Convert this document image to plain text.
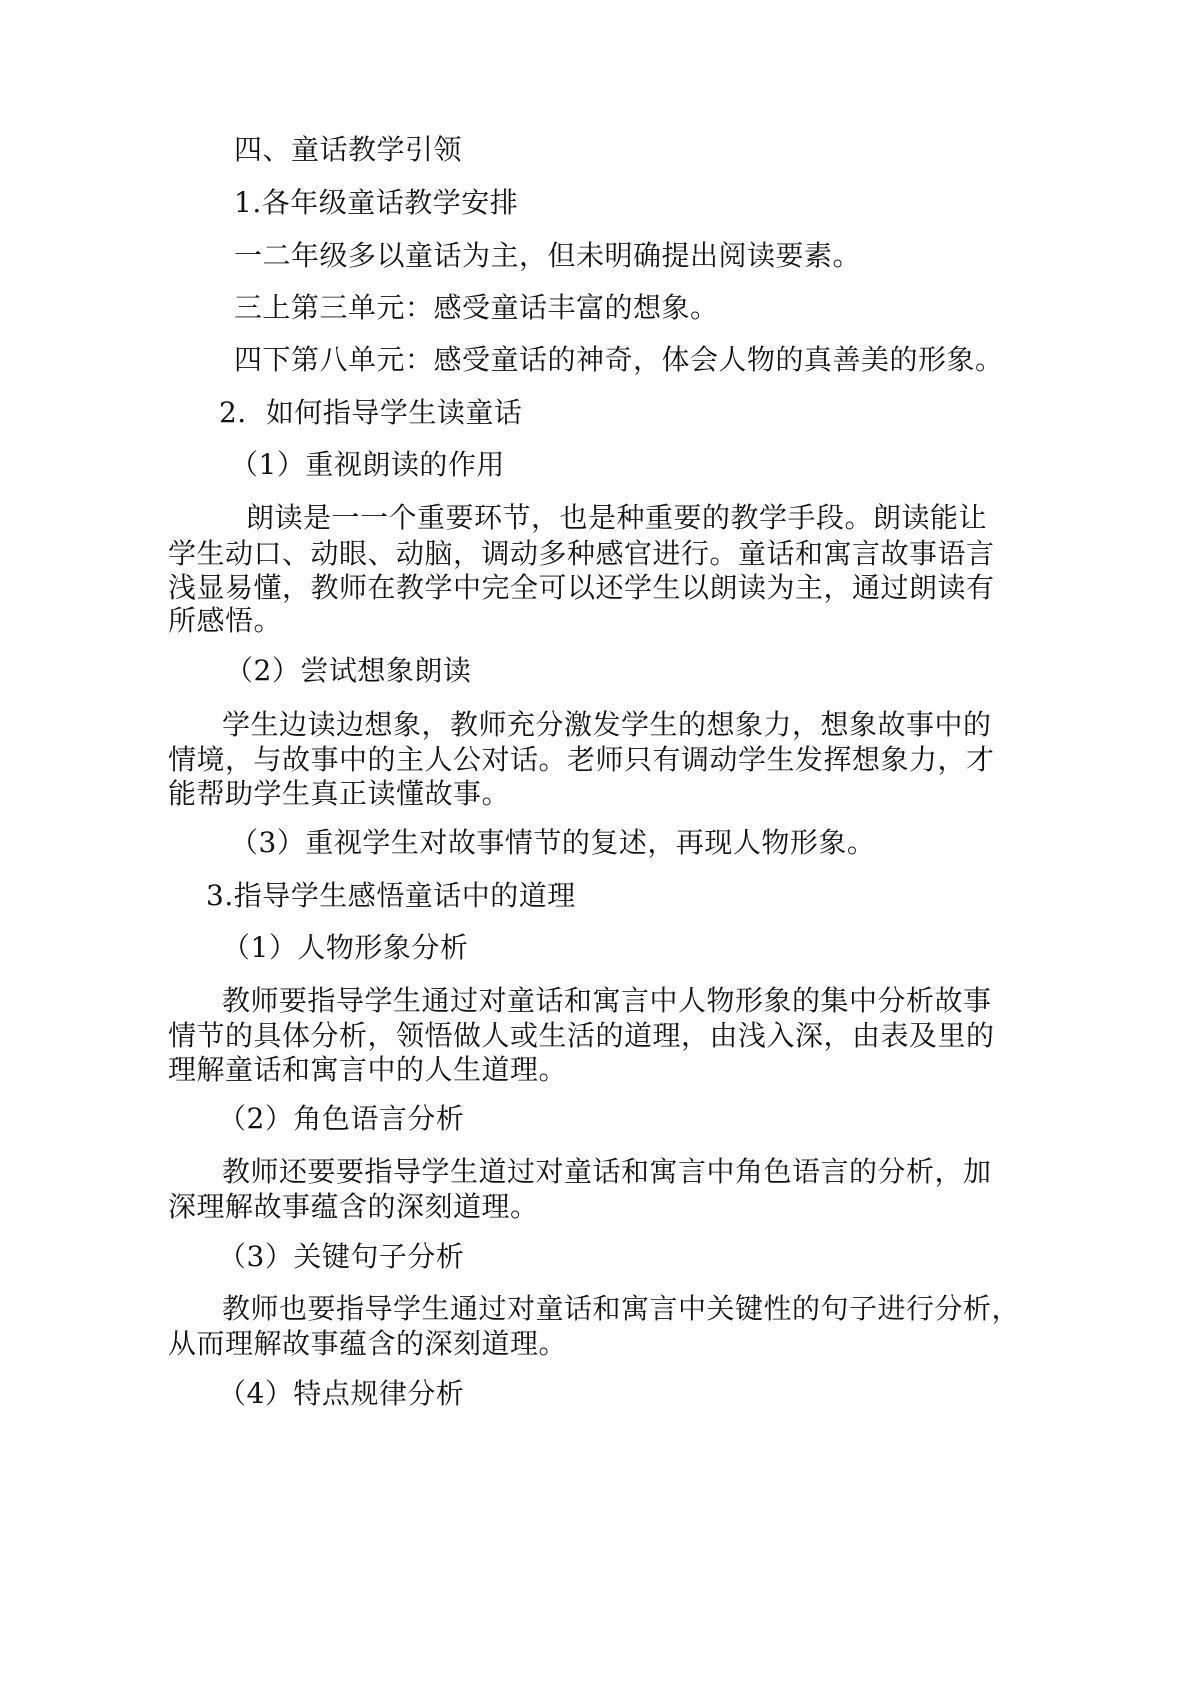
四、童话教学引领
1.各年级童话教学安排
一二年级多以童话为主，但未明确提出阅读要素。
三上第三单元：感受童话丰富的想象。
四下第八单元：感受童话的神奇，体会人物的真善美的形象。
2．如何指导学生读童话
（1）重视朗读的作用
朗读是一一个重要环节，也是种重要的教学手段。朗读能让
学生动口、动眼、动脑，调动多种感官进行。童话和寓言故事语言
浅显易懂，教师在教学中完全可以还学生以朗读为主，通过朗读有
所感悟。
（2）尝试想象朗读
学生边读边想象，教师充分激发学生的想象力，想象故事中的
情境，与故事中的主人公对话。老师只有调动学生发挥想象力，才
能帮助学生真正读懂故事。
（3）重视学生对故事情节的复述，再现人物形象。
3.指导学生感悟童话中的道理
（1）人物形象分析
教师要指导学生通过对童话和寓言中人物形象的集中分析故事
情节的具体分析，领悟做人或生活的道理，由浅入深，由表及里的
理解童话和寓言中的人生道理。
（2）角色语言分析
教师还要要指导学生道过对童话和寓言中角色语言的分析，加
深理解故事蕴含的深刻道理。
（3）关键句子分析
教师也要指导学生通过对童话和寓言中关键性的句子进行分析，
从而理解故事蕴含的深刻道理。
（4）特点规律分析
